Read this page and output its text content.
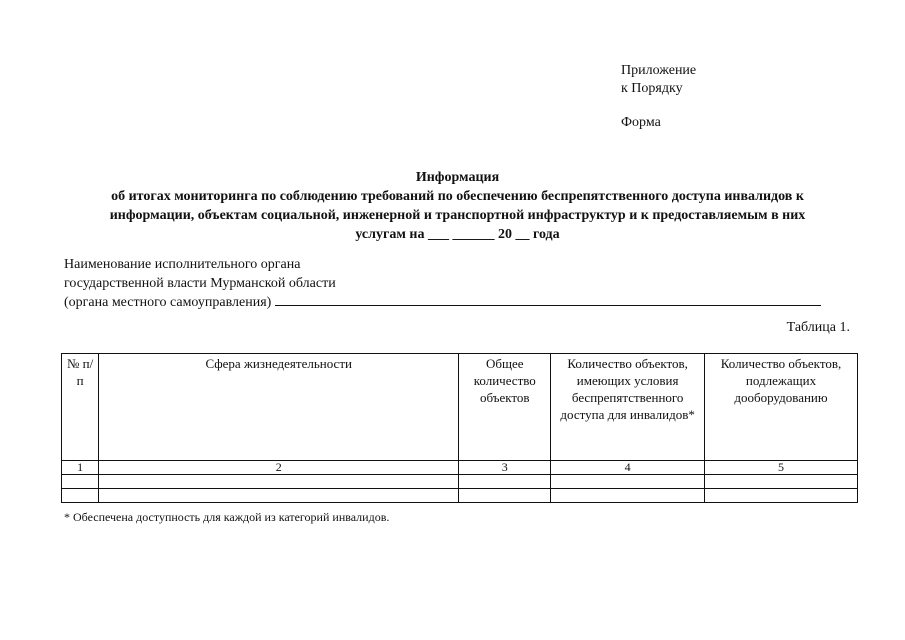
Приложение
к Порядку
Форма
Информация
об итогах мониторинга по соблюдению требований по обеспечению беспрепятственного доступа инвалидов к
информации, объектам социальной, инженерной и транспортной инфраструктур и к предоставляемым в них
услугам на ___ ______ 20 __ года
Наименование исполнительного органа
государственной власти Мурманской области
(органа местного самоуправления)
Таблица 1.
№ п/п	Сфера жизнедеятельности	Общее количество объектов	Количество объектов, имеющих условия беспрепятственного доступа для инвалидов*	Количество объектов, подлежащих дооборудованию
1	2	3	4	5

* Обеспечена доступность для каждой из категорий инвалидов.
